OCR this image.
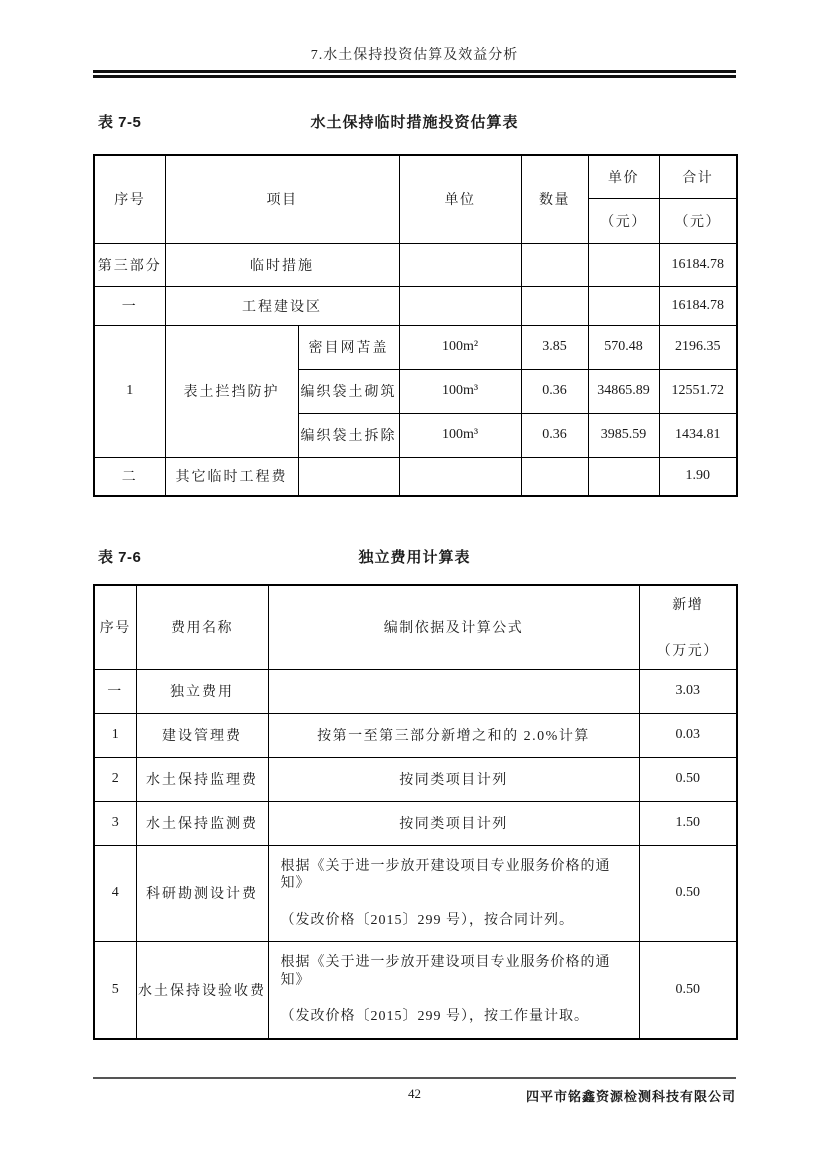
7.水土保持投资估算及效益分析
表 7-5	水土保持临时措施投资估算表
序号	项目		单位	数量	单价	合计
					（元）	（元）
第三部分	临时措施					16184.78
一	工程建设区					16184.78
1	表土拦挡防护	密目网苫盖	100m²	3.85	570.48	2196.35
		编织袋土砌筑	100m³	0.36	34865.89	12551.72
		编织袋土拆除	100m³	0.36	3985.59	1434.81
二	其它临时工程费					1.90
表 7-6	独立费用计算表
序号	费用名称	编制依据及计算公式	新增
（万元）

一	独立费用		3.03
1	建设管理费	按第一至第三部分新增之和的 2.0%计算	0.03
2	水土保持监理费	按同类项目计列	0.50
3	水土保持监测费	按同类项目计列	1.50
4	科研勘测设计费	根据《关于进一步放开建设项目专业服务价格的通知》
（发改价格〔2015〕299 号），按合同计列。	0.50
5	水土保持设验收费	根据《关于进一步放开建设项目专业服务价格的通知》
（发改价格〔2015〕299 号），按工作量计取。	0.50
42	四平市铭鑫资源检测科技有限公司
